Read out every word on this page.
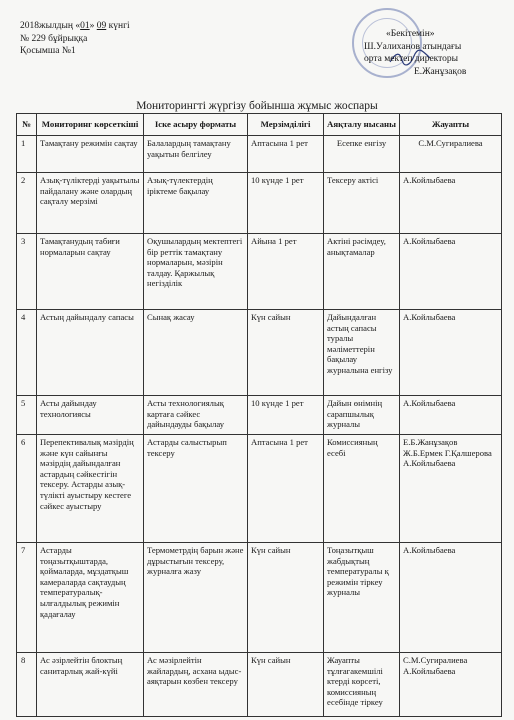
2018жылдың «01» 09 күнгі
№ 229 бұйрыққа
Қосымша №1
«Бекітемін»
Ш.Уалиханов атындағы
орта мектеп директоры
Е.Жанұзақов
Мониторингті жүргізу бойынша жұмыс жоспары
№	Мониторинг көрсеткіші	Іске асыру форматы	Мерзімділігі	Аяқталу нысаны	Жауапты
1	Тамақтану режимін сақтау	Балалардың тамақтану уақытын белгілеу	Аптасына 1 рет	Есепке енгізу	С.М.Сугиралиева
2	Азық-түліктерді уақытылы пайдалану және олардың сақталу мерзімі	Азық-түлектердің іріктеме бақылау	10 күнде 1 рет	Тексеру актісі	А.Койлыбаева
3	Тамақтанудың табиғи нормаларын сақтау	Оқушылардың мектептегі бір реттік тамақтану нормаларын, мәзірін талдау. Қаржылық негізділік	Айына 1 рет	Актіні рәсімдеу, анықтамалар	А.Койлыбаева
4	Астың дайындалу сапасы	Сынақ жасау	Күн сайын	Дайындалған астың сапасы туралы мәліметтерін бақылау журналына енгізу	А.Койлыбаева
5	Асты дайындау технологиясы	Асты технологиялық картаға сәйкес дайындауды бақылау	10 күнде 1 рет	Дайын өнімнің сарапшылық журналы	А.Койлыбаева
6	Перепективалық мәзірдің және күн сайынғы мәзірдің дайындалған астардың сәйкестігін тексеру. Астарды азық-түлікті ауыстыру кестеге сәйкес ауыстыру	Астарды салыстырып тексеру	Аптасына 1 рет	Комиссияның есебі	Е.Б.Жанұзақов Ж.Б.Ермек Г.Қалшерова А.Койлыбаева
7	Астарды тоңазытқыштарда, қоймаларда, мұздатқыш камераларда сақтаудың температуралық-ылғалдылық режимін қадағалау	Термометрдің барын және дұрыстығын тексеру, журналға жазу	Күн сайын	Тоңазытқыш жабдықтың температуралы қ режимін тіркеу журналы	А.Койлыбаева
8	Ас әзірлейтін блоктың санитарлық жай-күйі	Ас мәзірлейтін жайлардың, асхана ыдыс-аяқтарын көзбен тексеру	Күн сайын	Жауапты тұлғагакемшілі ктерді көрсеті, комиссияның есебінде тіркеу	С.М.Сугиралиева А.Койлыбаева
